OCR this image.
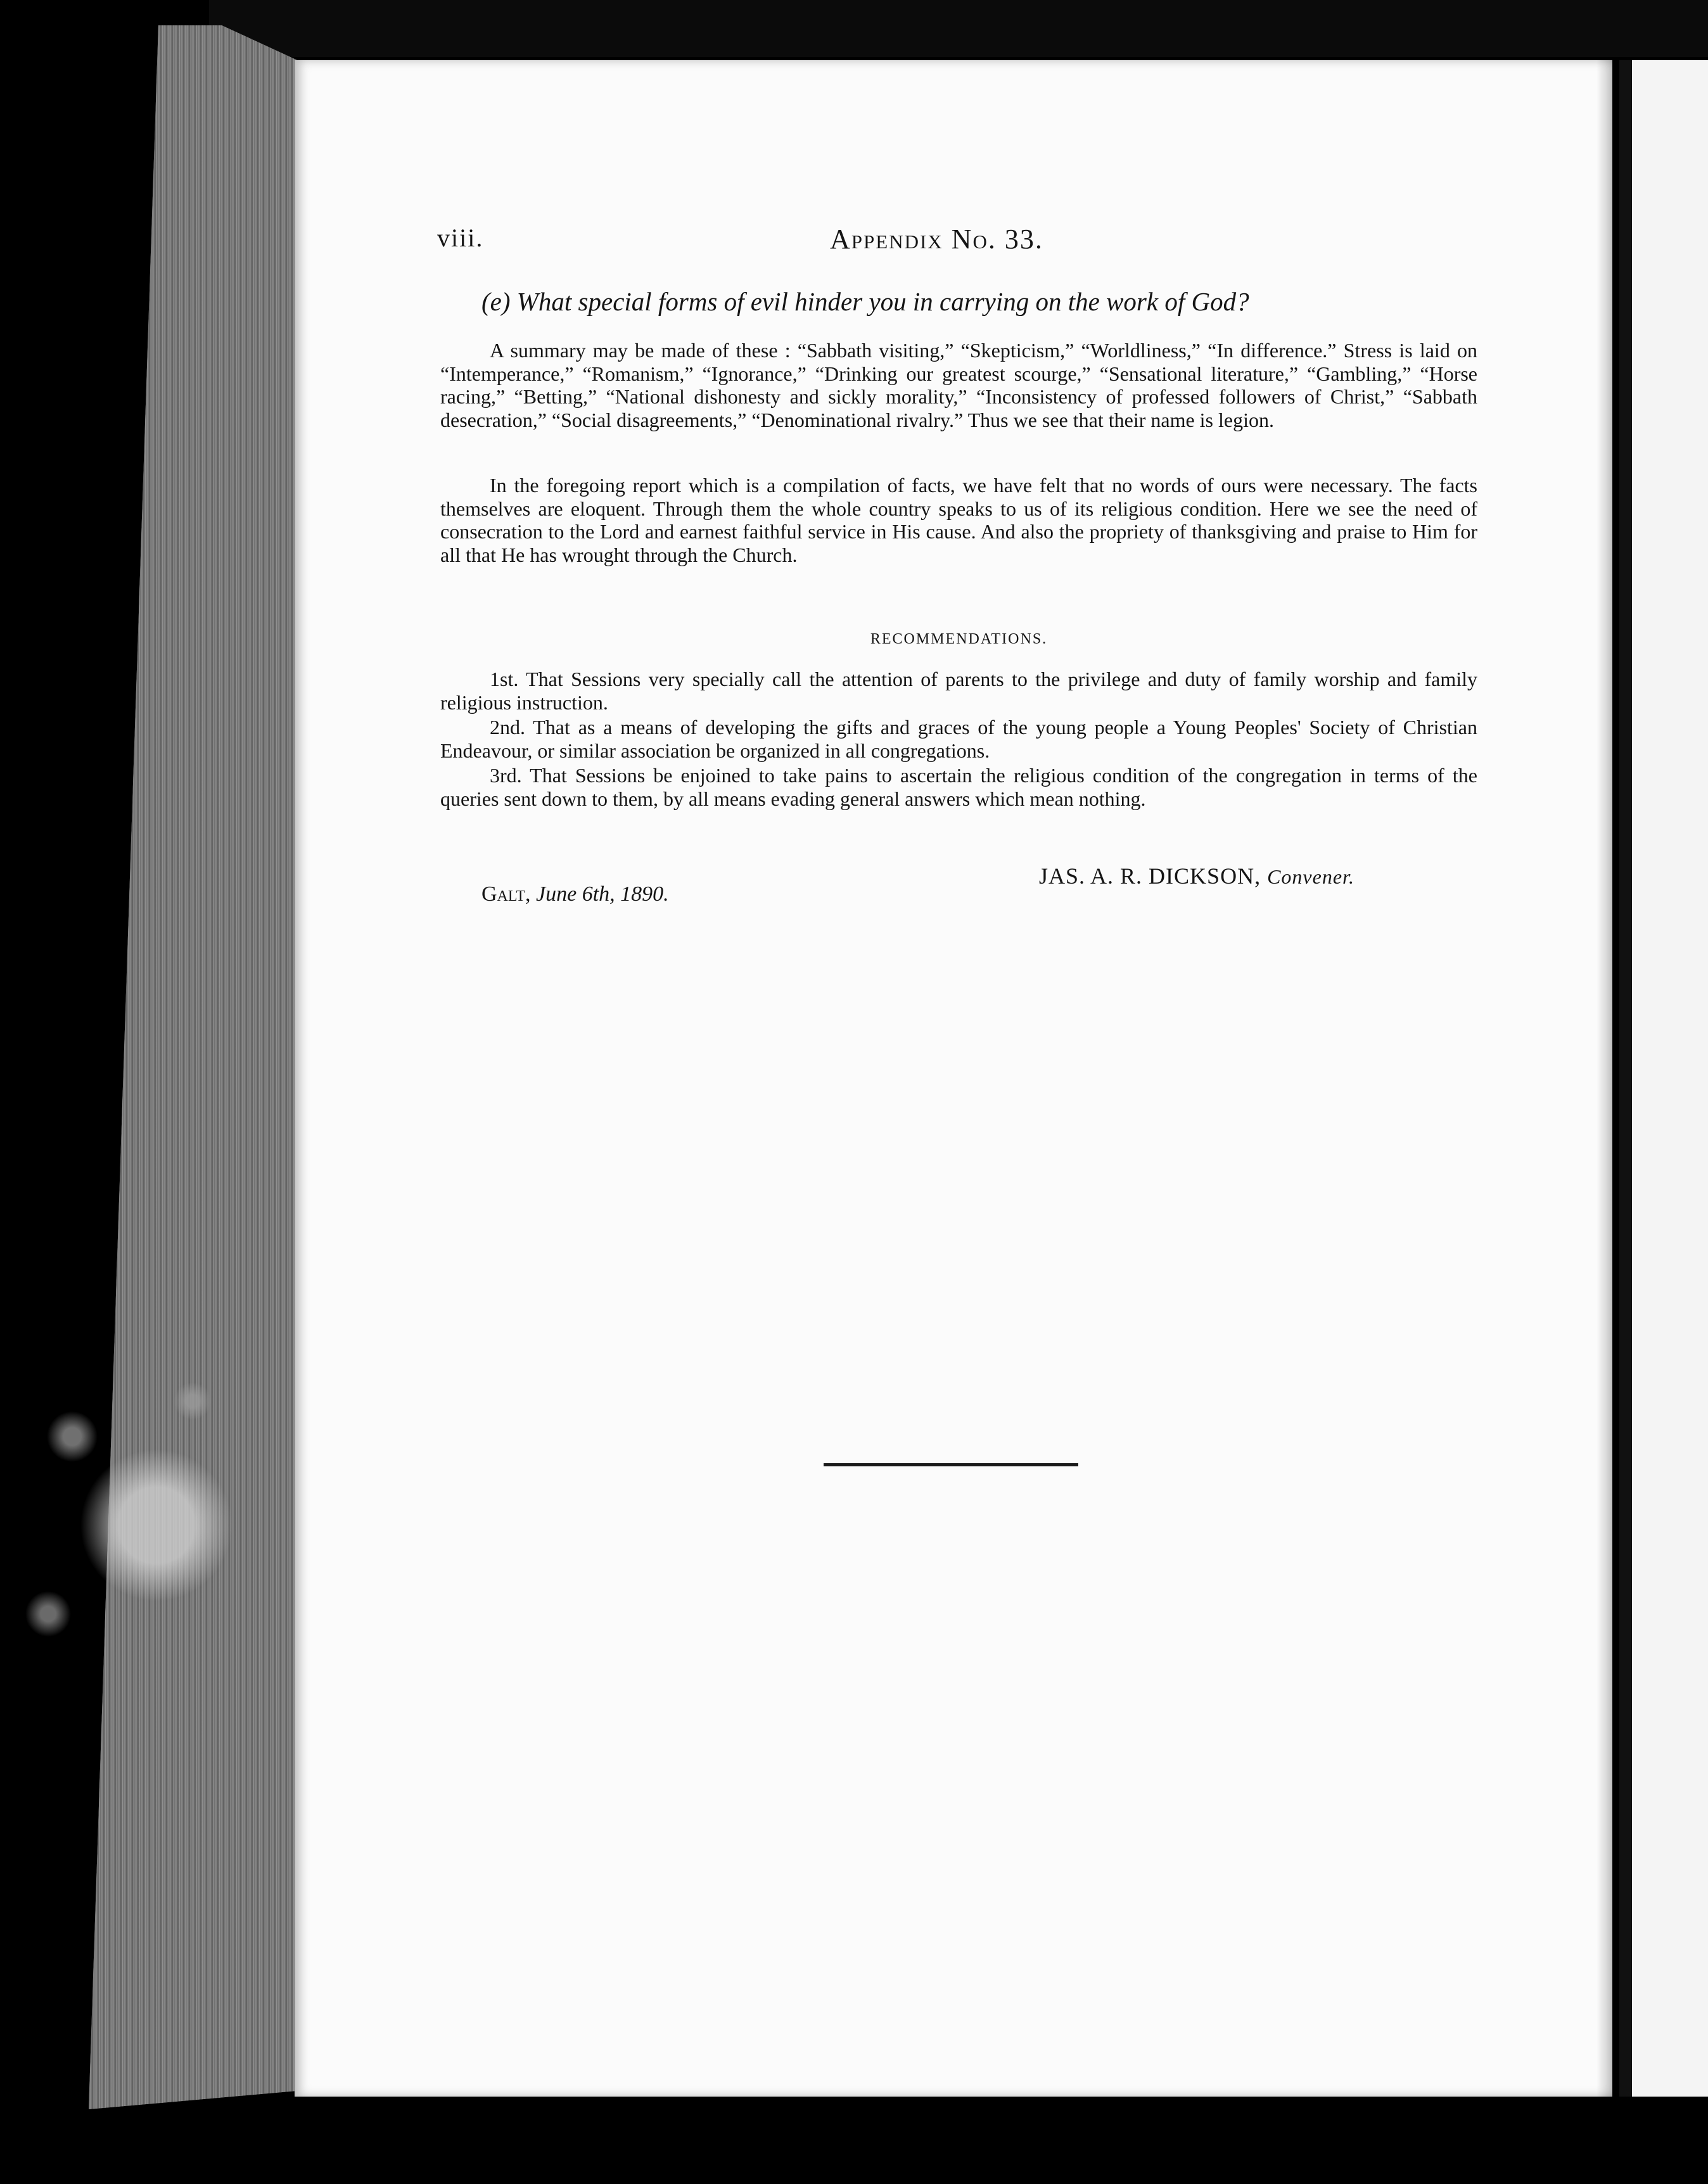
viii.	Appendix No. 33.
(e) What special forms of evil hinder you in carrying on the work of God?

A summary may be made of these : “Sabbath visiting,” “Skepticism,” “Worldliness,” “In difference.” Stress is laid on “Intemperance,” “Romanism,” “Ignorance,” “Drinking our greatest scourge,” “Sensational literature,” “Gambling,” “Horse racing,” “Betting,” “National dishonesty and sickly morality,” “Inconsistency of professed followers of Christ,” “Sabbath desecration,” “Social disagreements,” “Denominational rivalry.” Thus we see that their name is legion.

In the foregoing report which is a compilation of facts, we have felt that no words of ours were necessary. The facts themselves are eloquent. Through them the whole country speaks to us of its religious condition. Here we see the need of consecration to the Lord and earnest faithful service in His cause. And also the propriety of thanksgiving and praise to Him for all that He has wrought through the Church.

RECOMMENDATIONS.

1st. That Sessions very specially call the attention of parents to the privilege and duty of family worship and family religious instruction.

2nd. That as a means of developing the gifts and graces of the young people a Young Peoples' Society of Christian Endeavour, or similar association be organized in all congregations.

3rd. That Sessions be enjoined to take pains to ascertain the religious condition of the congregation in terms of the queries sent down to them, by all means evading general answers which mean nothing.

Galt, June 6th, 1890.
JAS. A. R. DICKSON, Convener.
